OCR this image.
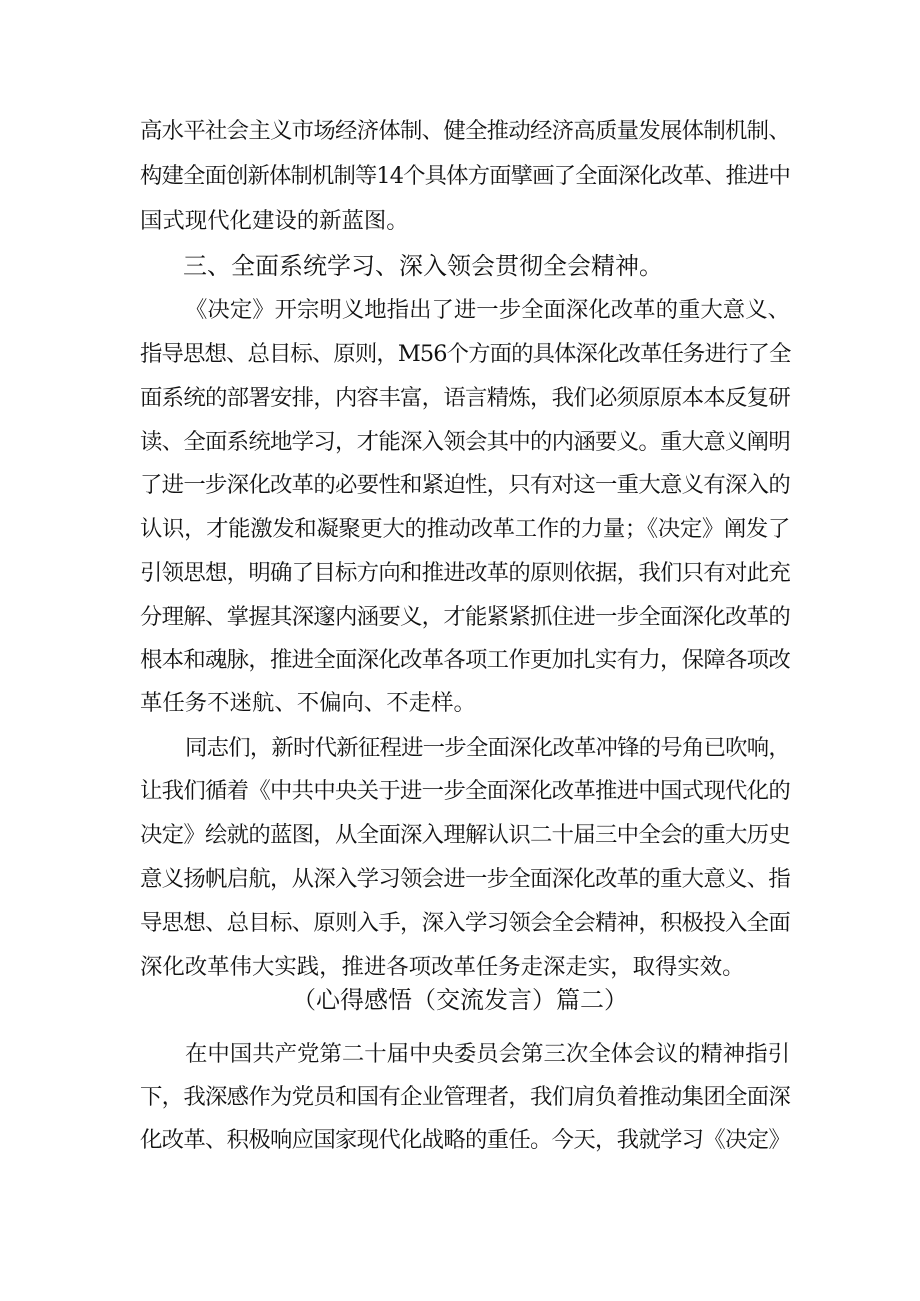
高水平社会主义市场经济体制、健全推动经济高质量发展体制机制、
构建全面创新体制机制等14个具体方面擘画了全面深化改革、推进中
国式现代化建设的新蓝图。
三、全面系统学习、深入领会贯彻全会精神。
《决定》开宗明义地指出了进一步全面深化改革的重大意义、
指导思想、总目标、原则，M56个方面的具体深化改革任务进行了全
面系统的部署安排，内容丰富，语言精炼，我们必须原原本本反复研
读、全面系统地学习，才能深入领会其中的内涵要义。重大意义阐明
了进一步深化改革的必要性和紧迫性，只有对这一重大意义有深入的
认识，才能激发和凝聚更大的推动改革工作的力量；《决定》阐发了
引领思想，明确了目标方向和推进改革的原则依据，我们只有对此充
分理解、掌握其深邃内涵要义，才能紧紧抓住进一步全面深化改革的
根本和魂脉，推进全面深化改革各项工作更加扎实有力，保障各项改
革任务不迷航、不偏向、不走样。
同志们，新时代新征程进一步全面深化改革冲锋的号角已吹响，
让我们循着《中共中央关于进一步全面深化改革推进中国式现代化的
决定》绘就的蓝图，从全面深入理解认识二十届三中全会的重大历史
意义扬帆启航，从深入学习领会进一步全面深化改革的重大意义、指
导思想、总目标、原则入手，深入学习领会全会精神，积极投入全面
深化改革伟大实践，推进各项改革任务走深走实，取得实效。
（心得感悟（交流发言）篇二）
在中国共产党第二十届中央委员会第三次全体会议的精神指引
下，我深感作为党员和国有企业管理者，我们肩负着推动集团全面深
化改革、积极响应国家现代化战略的重任。今天，我就学习《决定》
